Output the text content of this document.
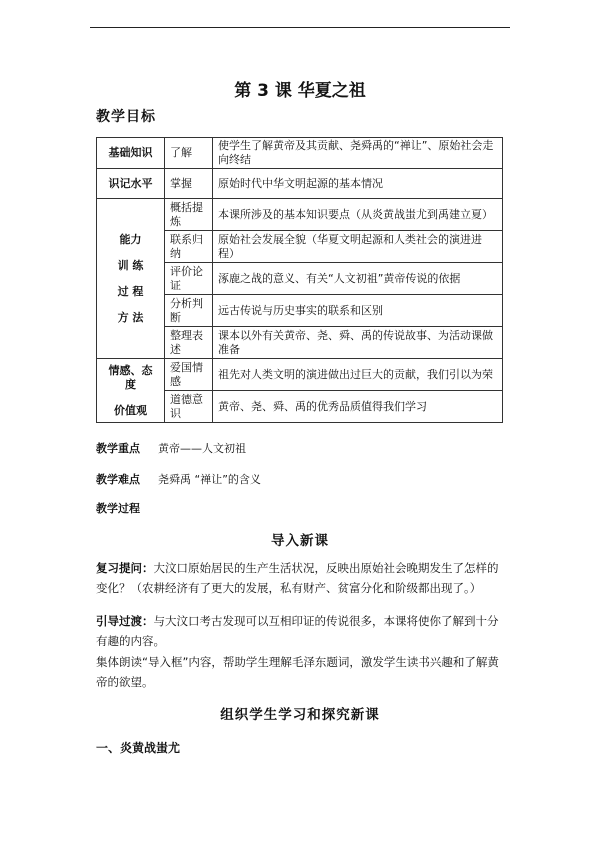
第 3 课 华夏之祖
教学目标
基础知识	了解	使学生了解黄帝及其贡献、尧舜禹的“禅让”、原始社会走向终结
识记水平	掌握	原始时代中华文明起源的基本情况

能力
训 练
过 程
方 法	概括提炼	本课所涉及的基本知识要点（从炎黄战蚩尤到禹建立夏）
	联系归纳	原始社会发展全貌（华夏文明起源和人类社会的演进进程）
	评价论证	涿鹿之战的意义、有关“人文初祖”黄帝传说的依据
	分析判断	远古传说与历史事实的联系和区别
	整理表述	课本以外有关黄帝、尧、舜、禹的传说故事、为活动课做准备

情感、态
度
价值观	爱国情感	祖先对人类文明的演进做出过巨大的贡献，我们引以为荣
	道德意识	黄帝、尧、舜、禹的优秀品质值得我们学习
教学重点 黄帝——人文初祖
教学难点 尧舜禹 “禅让”的含义
教学过程
导入新课
复习提问：大汶口原始居民的生产生活状况，反映出原始社会晚期发生了怎样的变化？（农耕经济有了更大的发展，私有财产、贫富分化和阶级都出现了。）
引导过渡：与大汶口考古发现可以互相印证的传说很多，本课将使你了解到十分有趣的内容。
集体朗读“导入框”内容，帮助学生理解毛泽东题词，激发学生读书兴趣和了解黄帝的欲望。
组织学生学习和探究新课
一、炎黄战蚩尤
